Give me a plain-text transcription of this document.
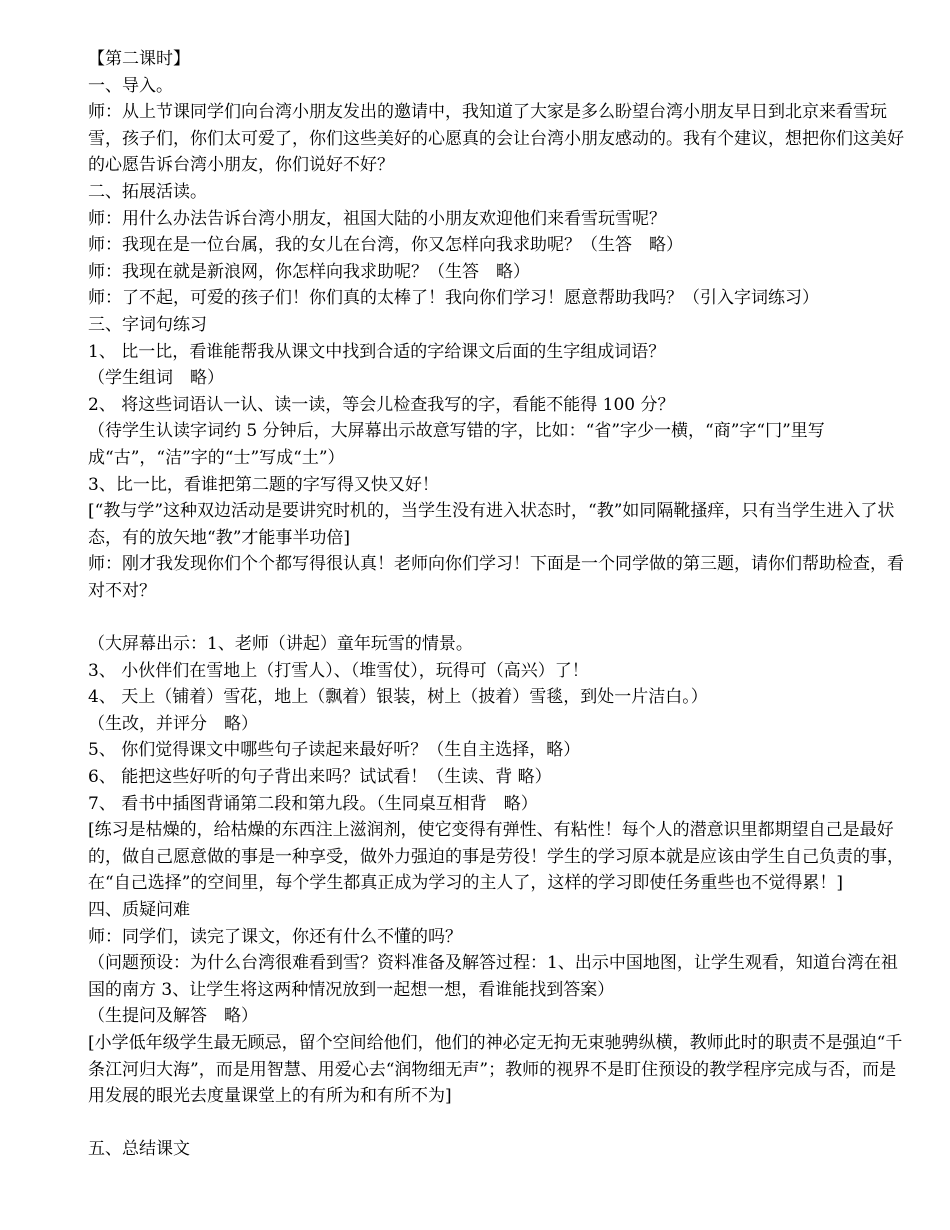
【第二课时】

一、导入。

师：从上节课同学们向台湾小朋友发出的邀请中，我知道了大家是多么盼望台湾小朋友早日到北京来看雪玩雪，孩子们，你们太可爱了，你们这些美好的心愿真的会让台湾小朋友感动的。我有个建议，想把你们这美好的心愿告诉台湾小朋友，你们说好不好？

二、拓展活读。

师：用什么办法告诉台湾小朋友，祖国大陆的小朋友欢迎他们来看雪玩雪呢？

师：我现在是一位台属，我的女儿在台湾，你又怎样向我求助呢？（生答　略）

师：我现在就是新浪网，你怎样向我求助呢？（生答　略）

师：了不起，可爱的孩子们！你们真的太棒了！我向你们学习！愿意帮助我吗？（引入字词练习）

三、字词句练习

1、 比一比，看谁能帮我从课文中找到合适的字给课文后面的生字组成词语？

（学生组词　略）

2、 将这些词语认一认、读一读，等会儿检查我写的字，看能不能得 100 分？

（待学生认读字词约 5 分钟后，大屏幕出示故意写错的字，比如：“省”字少一横，“商”字“冂”里写成“古”，“洁”字的“士”写成“土”）

3、比一比，看谁把第二题的字写得又快又好！

[“教与学”这种双边活动是要讲究时机的，当学生没有进入状态时，“教”如同隔靴搔痒，只有当学生进入了状态，有的放矢地“教”才能事半功倍]

师：刚才我发现你们个个都写得很认真！老师向你们学习！下面是一个同学做的第三题，请你们帮助检查，看对不对？

（大屏幕出示：1、老师（讲起）童年玩雪的情景。

3、 小伙伴们在雪地上（打雪人）、（堆雪仗），玩得可（高兴）了！

4、 天上（铺着）雪花，地上（飘着）银装，树上（披着）雪毯，到处一片洁白。）

（生改，并评分　略）

5、 你们觉得课文中哪些句子读起来最好听？（生自主选择，略）

6、 能把这些好听的句子背出来吗？试试看！（生读、背 略）

7、 看书中插图背诵第二段和第九段。（生同桌互相背　略）

[练习是枯燥的，给枯燥的东西注上滋润剂，使它变得有弹性、有粘性！每个人的潜意识里都期望自己是最好的，做自己愿意做的事是一种享受，做外力强迫的事是劳役！学生的学习原本就是应该由学生自己负责的事，在“自己选择”的空间里，每个学生都真正成为学习的主人了，这样的学习即使任务重些也不觉得累！]

四、质疑问难

师：同学们，读完了课文，你还有什么不懂的吗？

（问题预设：为什么台湾很难看到雪？资料准备及解答过程：1、出示中国地图，让学生观看，知道台湾在祖国的南方 3、让学生将这两种情况放到一起想一想，看谁能找到答案）

（生提问及解答　略）

[小学低年级学生最无顾忌，留个空间给他们，他们的神必定无拘无束驰骋纵横，教师此时的职责不是强迫“千条江河归大海”，而是用智慧、用爱心去“润物细无声”；教师的视界不是盯住预设的教学程序完成与否，而是用发展的眼光去度量课堂上的有所为和有所不为]

五、总结课文
